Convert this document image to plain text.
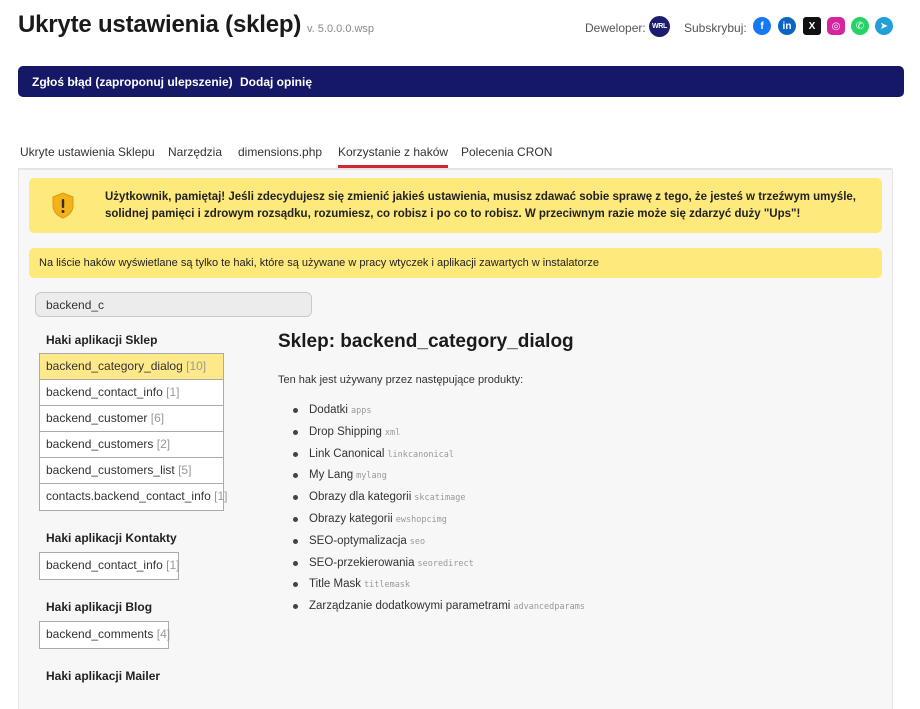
Ukryte ustawienia (sklep) v. 5.0.0.0.wsp	Deweloper: WRL Subskrybuj:	f	in	X	◎	✆	➤
Zgłoś błąd (zaproponuj ulepszenie) Dodaj opinię
Ukryte ustawienia Sklepu Narzędzia dimensions.php Korzystanie z haków Polecenia CRON
Użytkownik, pamiętaj! Jeśli zdecydujesz się zmienić jakieś ustawienia, musisz zdawać sobie sprawę z tego, że jesteś w trzeźwym umyśle, solidnej pamięci i zdrowym rozsądku, rozumiesz, co robisz i po co to robisz. W przeciwnym razie może się zdarzyć duży "Ups"!
Na liście haków wyświetlane są tylko te haki, które są używane w pracy wtyczek i aplikacji zawartych w instalatorze
backend_c
Haki aplikacji Sklep
backend_category_dialog [10]
backend_contact_info [1]
backend_customer [6]
backend_customers [2]
backend_customers_list [5]
contacts.backend_contact_info [1]
Haki aplikacji Kontakty
backend_contact_info [1]
Haki aplikacji Blog
backend_comments [4]
Haki aplikacji Mailer
Sklep: backend_category_dialog
Ten hak jest używany przez następujące produkty:
Dodatki apps
Drop Shipping xml
Link Canonical linkcanonical
My Lang mylang
Obrazy dla kategorii skcatimage
Obrazy kategorii ewshopcimg
SEO-optymalizacja seo
SEO-przekierowania seoredirect
Title Mask titlemask
Zarządzanie dodatkowymi parametrami advancedparams
